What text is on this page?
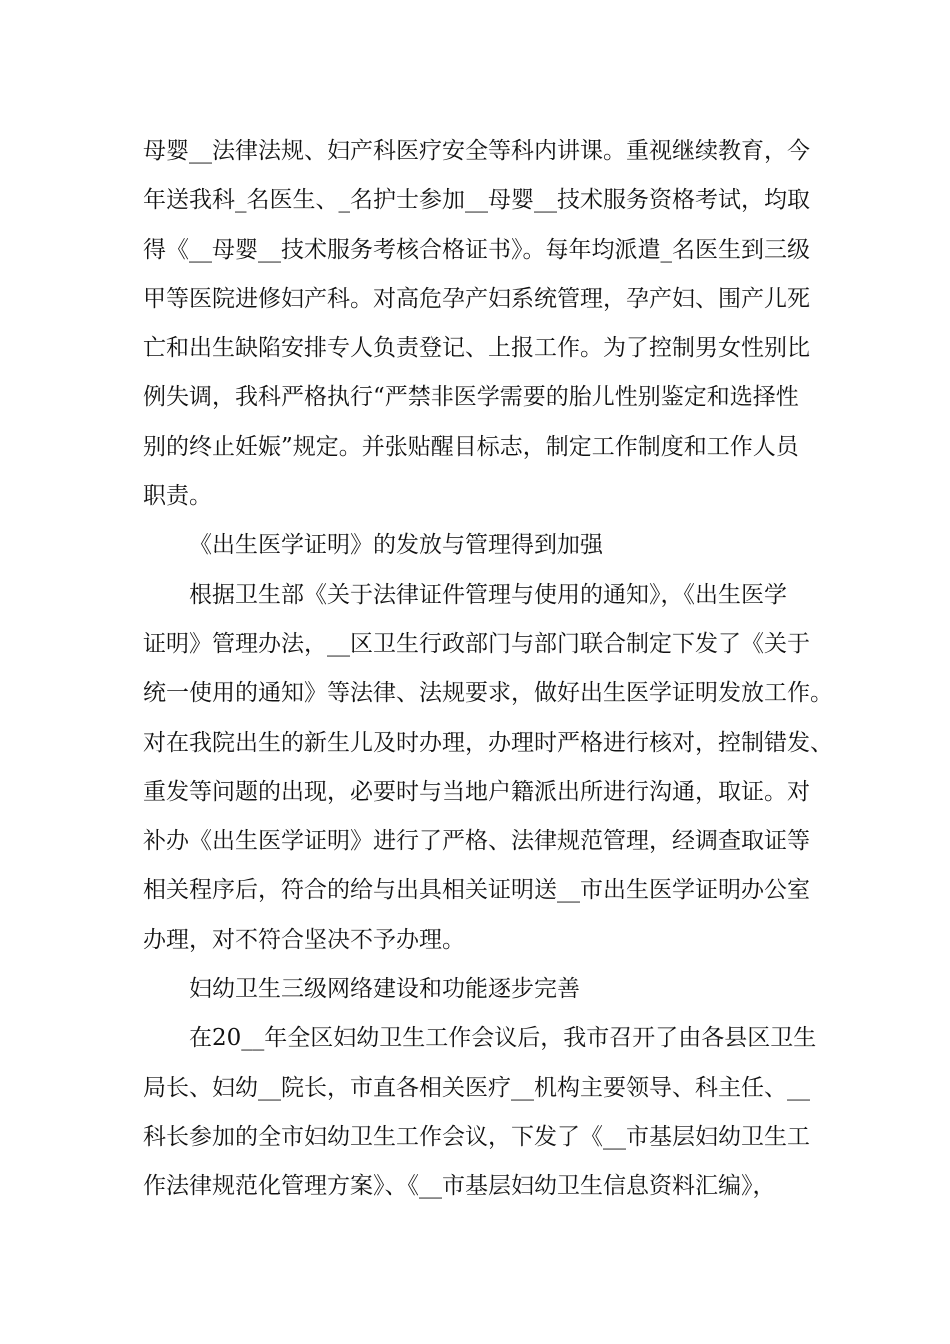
母婴__法律法规、妇产科医疗安全等科内讲课。重视继续教育，今
年送我科_名医生、_名护士参加__母婴__技术服务资格考试，均取
得《__母婴__技术服务考核合格证书》。每年均派遣_名医生到三级
甲等医院进修妇产科。对高危孕产妇系统管理，孕产妇、围产儿死
亡和出生缺陷安排专人负责登记、上报工作。为了控制男女性别比
例失调，我科严格执行“严禁非医学需要的胎儿性别鉴定和选择性
别的终止妊娠”规定。并张贴醒目标志，制定工作制度和工作人员
职责。
《出生医学证明》的发放与管理得到加强
根据卫生部《关于法律证件管理与使用的通知》，《出生医学
证明》管理办法，__区卫生行政部门与部门联合制定下发了《关于
统一使用的通知》等法律、法规要求，做好出生医学证明发放工作。
对在我院出生的新生儿及时办理，办理时严格进行核对，控制错发、
重发等问题的出现，必要时与当地户籍派出所进行沟通，取证。对
补办《出生医学证明》进行了严格、法律规范管理，经调查取证等
相关程序后，符合的给与出具相关证明送__市出生医学证明办公室
办理，对不符合坚决不予办理。
妇幼卫生三级网络建设和功能逐步完善
在20__年全区妇幼卫生工作会议后，我市召开了由各县区卫生
局长、妇幼__院长，市直各相关医疗__机构主要领导、科主任、__
科长参加的全市妇幼卫生工作会议，下发了《__市基层妇幼卫生工
作法律规范化管理方案》、《__市基层妇幼卫生信息资料汇编》，
